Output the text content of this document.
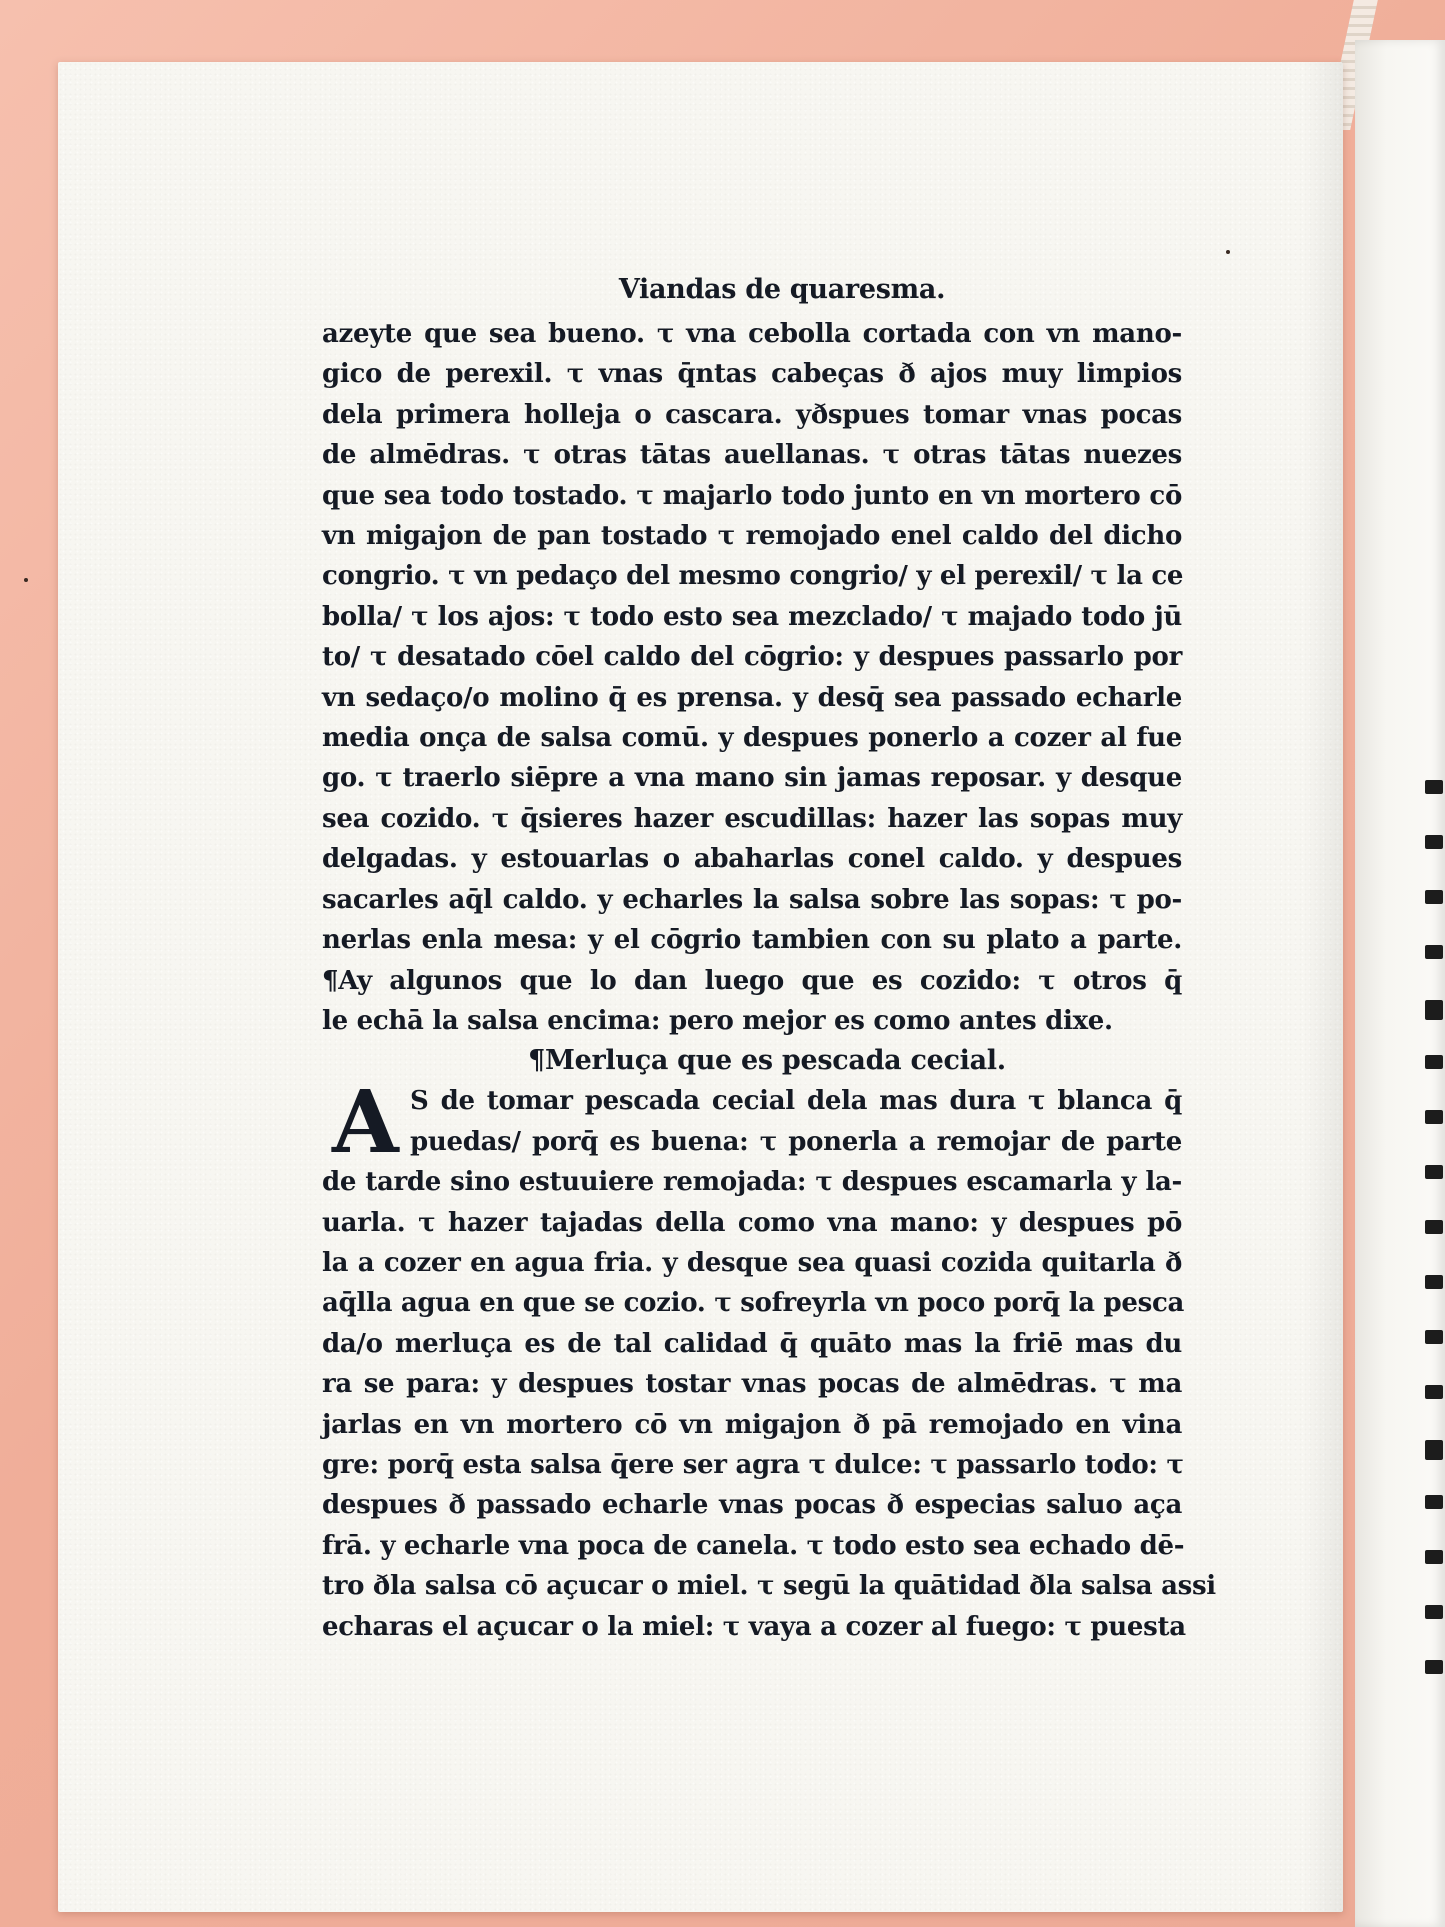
Viandas de quaresma.
azeyte que sea bueno. τ vna cebolla cortada con vn mano-
gico de perexil. τ vnas q̄ntas cabeças ð ajos muy limpios
dela primera holleja o cascara. yðspues tomar vnas pocas
de almēdras. τ otras tātas auellanas. τ otras tātas nuezes
que sea todo tostado. τ majarlo todo junto en vn mortero cō
vn migajon de pan tostado τ remojado enel caldo del dicho
congrio. τ vn pedaço del mesmo congrio/ y el perexil/ τ la ce
bolla/ τ los ajos: τ todo esto sea mezclado/ τ majado todo jū
to/ τ desatado cōel caldo del cōgrio: y despues passarlo por
vn sedaço/o molino q̄ es prensa. y desq̄ sea passado echarle
media onça de salsa comū. y despues ponerlo a cozer al fue
go. τ traerlo siēpre a vna mano sin jamas reposar. y desque
sea cozido. τ q̄sieres hazer escudillas: hazer las sopas muy
delgadas. y estouarlas o abaharlas conel caldo. y despues
sacarles aq̄l caldo. y echarles la salsa sobre las sopas: τ po-
nerlas enla mesa: y el cōgrio tambien con su plato a parte.
¶Ay algunos que lo dan luego que es cozido: τ otros q̄
le echā la salsa encima: pero mejor es como antes dixe.
¶Merluça que es pescada cecial.
A S de tomar pescada cecial dela mas dura τ blanca q̄
puedas/ porq̄ es buena: τ ponerla a remojar de parte
de tarde sino estuuiere remojada: τ despues escamarla y la-
uarla. τ hazer tajadas della como vna mano: y despues pō
la a cozer en agua fria. y desque sea quasi cozida quitarla ð
aq̄lla agua en que se cozio. τ sofreyrla vn poco porq̄ la pesca
da/o merluça es de tal calidad q̄ quāto mas la friē mas du
ra se para: y despues tostar vnas pocas de almēdras. τ ma
jarlas en vn mortero cō vn migajon ð pā remojado en vina
gre: porq̄ esta salsa q̄ere ser agra τ dulce: τ passarlo todo: τ
despues ð passado echarle vnas pocas ð especias saluo aça
frā. y echarle vna poca de canela. τ todo esto sea echado dē-
tro ðla salsa cō açucar o miel. τ segū la quātidad ðla salsa assi
echaras el açucar o la miel: τ vaya a cozer al fuego: τ puesta
